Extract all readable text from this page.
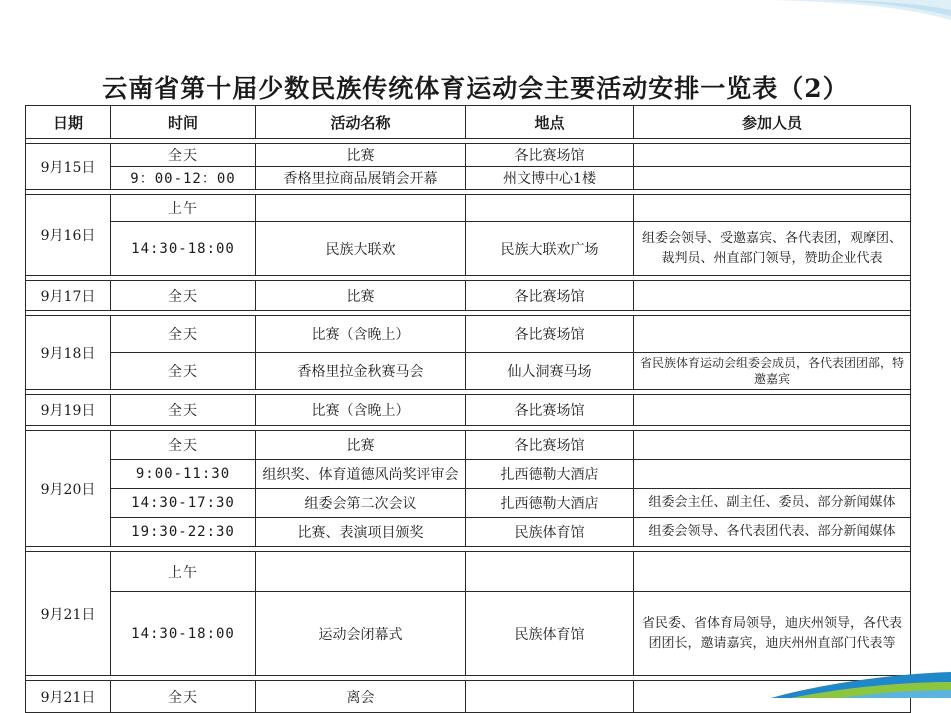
云南省第十届少数民族传统体育运动会主要活动安排一览表（2）
日期	时间	活动名称	地点	参加人员

9月15日	全天	比赛	各比赛场馆	
	9：00-12：00	香格里拉商品展销会开幕	州文博中心1楼	

9月16日	上午			
	14:30-18:00	民族大联欢	民族大联欢广场	组委会领导、受邀嘉宾、各代表团，观摩团、裁判员、州直部门领导，赞助企业代表

9月17日	全天	比赛	各比赛场馆	

9月18日	全天	比赛（含晚上）	各比赛场馆	
	全天	香格里拉金秋赛马会	仙人洞赛马场	省民族体育运动会组委会成员，各代表团团部，特邀嘉宾

9月19日	全天	比赛（含晚上）	各比赛场馆	

9月20日	全天	比赛	各比赛场馆	
	9:00-11:30	组织奖、体育道德风尚奖评审会	扎西德勒大酒店	
	14:30-17:30	组委会第二次会议	扎西德勒大酒店	组委会主任、副主任、委员、部分新闻媒体
	19:30-22:30	比赛、表演项目颁奖	民族体育馆	组委会领导、各代表团代表、部分新闻媒体

9月21日	上午			
	14:30-18:00	运动会闭幕式	民族体育馆	省民委、省体育局领导，迪庆州领导，各代表团团长，邀请嘉宾，迪庆州州直部门代表等

9月21日	全天	离会		
